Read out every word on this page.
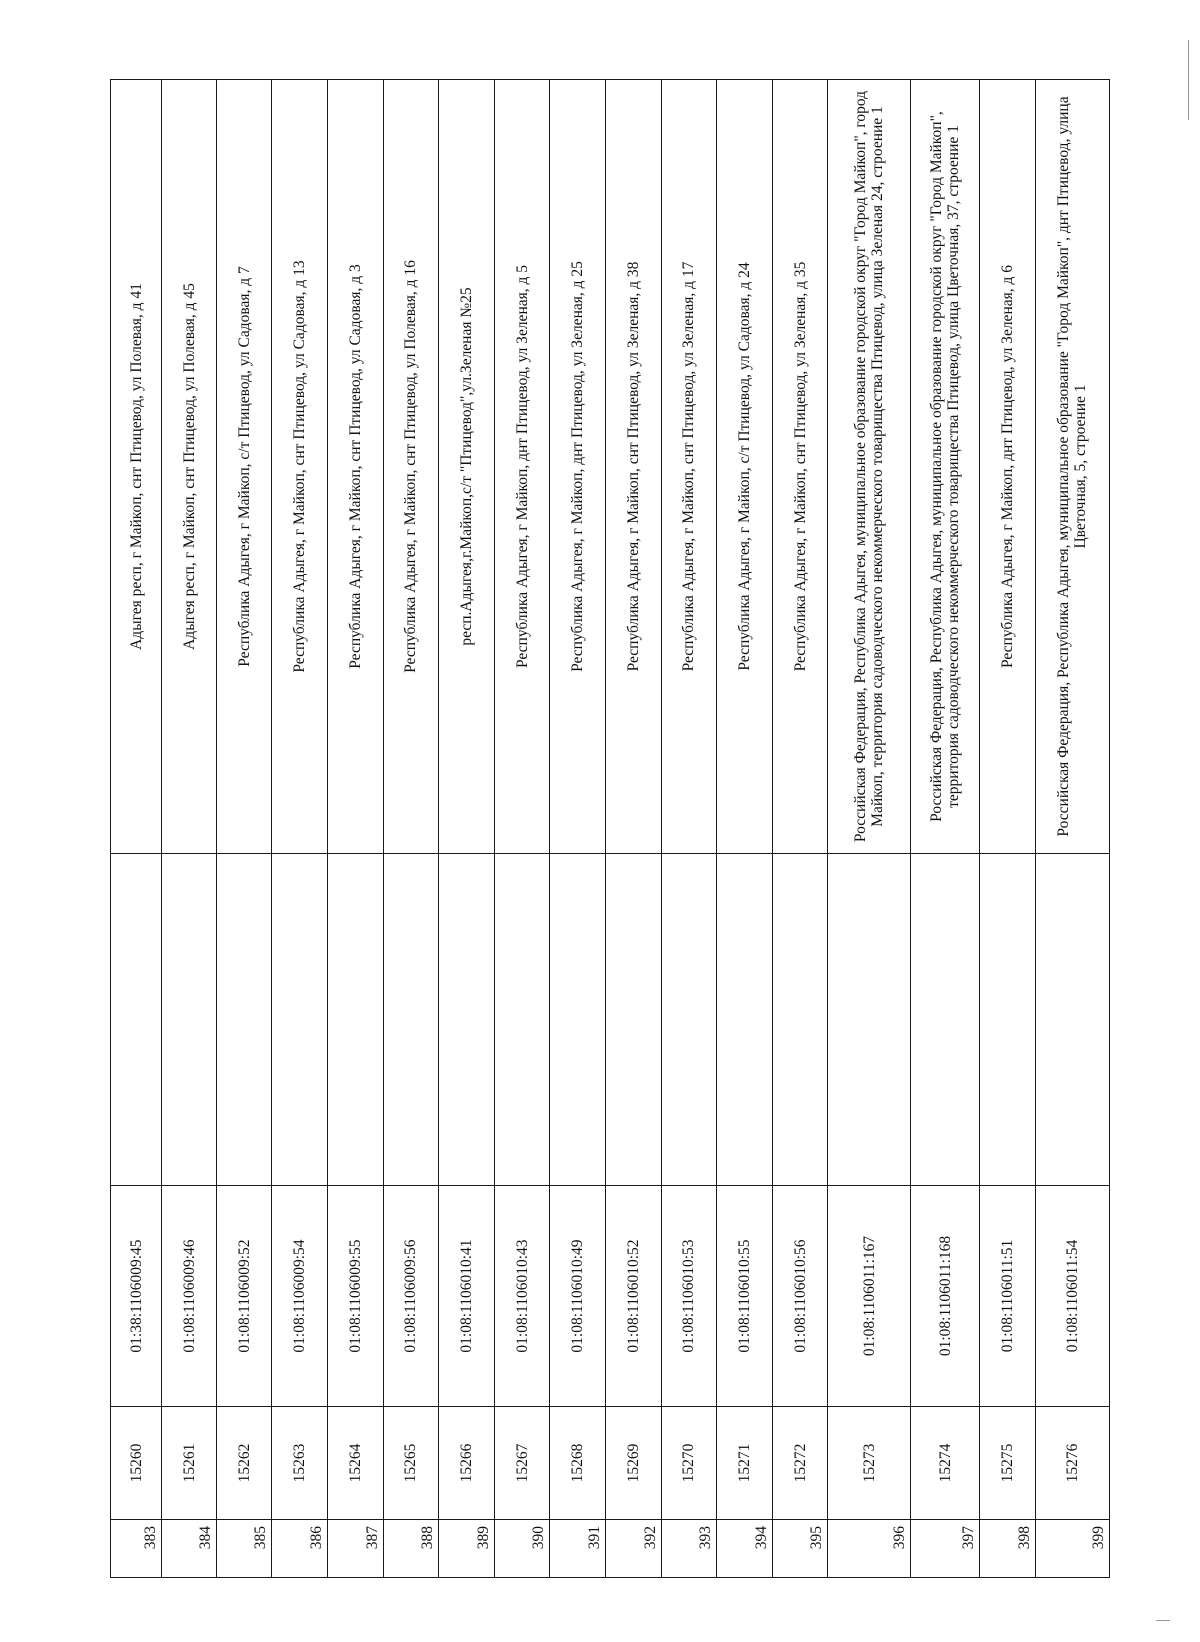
383	15260	01:38:1106009:45		Адыгея респ, г Майкоп, снт Птицевод, ул Полевая, д 41
384	15261	01:08:1106009:46		Адыгея респ, г Майкоп, снт Птицевод, ул Полевая, д 45
385	15262	01:08:1106009:52		Республика Адыгея, г Майкоп, с/т Птицевод, ул Садовая, д 7
386	15263	01:08:1106009:54		Республика Адыгея, г Майкоп, снт Птицевод, ул Садовая, д 13
387	15264	01:08:1106009:55		Республика Адыгея, г Майкоп, снт Птицевод, ул Садовая, д 3
388	15265	01:08:1106009:56		Республика Адыгея, г Майкоп, снт Птицевод, ул Полевая, д 16
389	15266	01:08:1106010:41		респ.Адыгея,г.Майкоп,с/т "Птицевод",ул.Зеленая №25
390	15267	01:08:1106010:43		Республика Адыгея, г Майкоп, днт Птицевод, ул Зеленая, д 5
391	15268	01:08:1106010:49		Республика Адыгея, г Майкоп, днт Птицевод, ул Зеленая, д 25
392	15269	01:08:1106010:52		Республика Адыгея, г Майкоп, снт Птицевод, ул Зеленая, д 38
393	15270	01:08:1106010:53		Республика Адыгея, г Майкоп, снт Птицевод, ул Зеленая, д 17
394	15271	01:08:1106010:55		Республика Адыгея, г Майкоп, с/т Птицевод, ул Садовая, д 24
395	15272	01:08:1106010:56		Республика Адыгея, г Майкоп, снт Птицевод, ул Зеленая, д 35
396	15273	01:08:1106011:167		Российская Федерация, Республика Адыгея, муниципальное образование городской округ "Город Майкоп", город Майкоп, территория садоводческого некоммерческого товарищества Птицевод, улица Зеленая 24, строение 1
397	15274	01:08:1106011:168		Российская Федерация, Республика Адыгея, муниципальное образование городской округ "Город Майкоп", территория садоводческого некоммерческого товарищества Птицевод, улица Цветочная, 37, строение 1
398	15275	01:08:1106011:51		Республика Адыгея, г Майкоп, днт Птицевод, ул Зеленая, д 6
399	15276	01:08:1106011:54		Российская Федерация, Республика Адыгея, муниципальное образование "Город Майкоп", днт Птицевод, улица Цветочная, 5, строение 1
